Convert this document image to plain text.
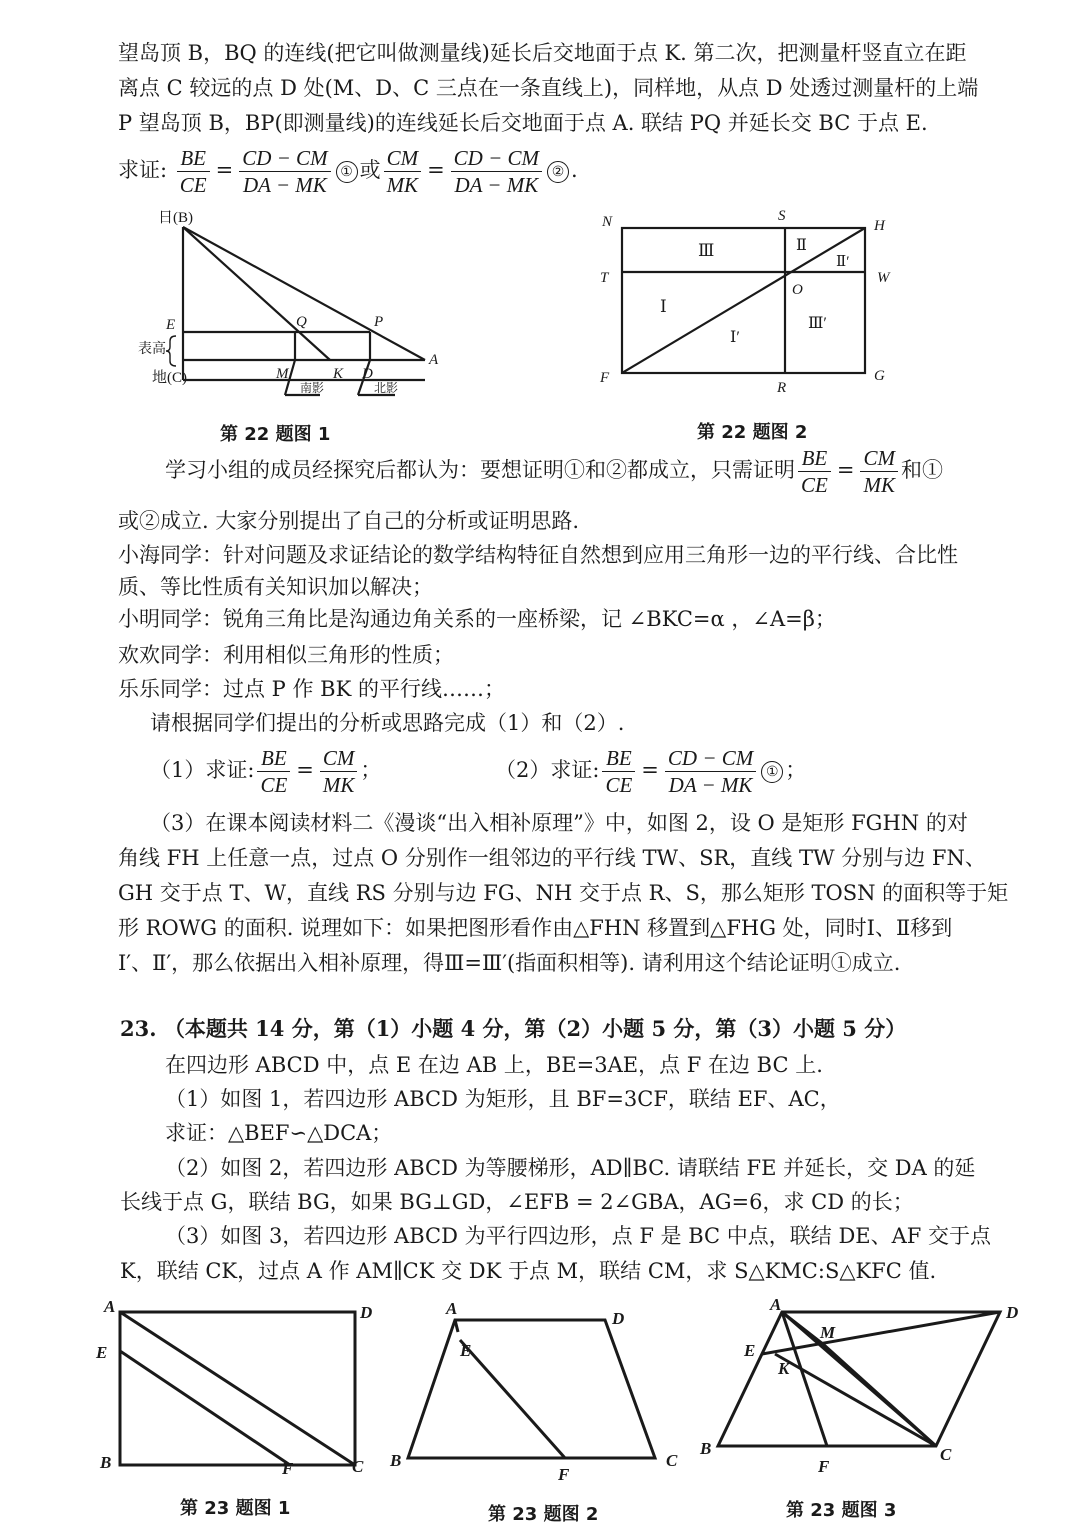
望岛顶 B，BQ 的连线(把它叫做测量线)延长后交地面于点 K. 第二次，把测量杆竖直立在距
离点 C 较远的点 D 处(M、D、C 三点在一条直线上)，同样地，从点 D 处透过测量杆的上端
P 望岛顶 B，BP(即测量线)的连线延长后交地面于点 A. 联结 PQ 并延长交 BC 于点 E.
求证: $\frac{BE}{CE} = \frac{CD - CM}{DA - MK}$ ① 或 $\frac{CM}{MK} = \frac{CD - CM}{DA - MK}$ ② .
日(B)
E	Q	P
表高
地(C)	M	K D
A
南影	北影
第 22 题图 1
N	S
H
T	W
O
F
R
G
Ⅲ	Ⅱ
Ⅱ′
Ⅰ
Ⅰ′
Ⅲ′
第 22 题图 2
学习小组的成员经探究后都认为：要想证明①和②都成立，只需证明 $\frac{BE}{CE} = \frac{CM}{MK}$ 和①
或②成立. 大家分别提出了自己的分析或证明思路.
小海同学：针对问题及求证结论的数学结构特征自然想到应用三角形一边的平行线、合比性
质、等比性质有关知识加以解决；
小明同学：锐角三角比是沟通边角关系的一座桥梁，记 ∠BKC=α ，∠A=β；
欢欢同学：利用相似三角形的性质；
乐乐同学：过点 P 作 BK 的平行线……；
请根据同学们提出的分析或思路完成（1）和（2）.
（1）求证: $\frac{BE}{CE} = \frac{CM}{MK}$ ；	（2）求证: $\frac{BE}{CE} = \frac{CD - CM}{DA - MK}$ ① ；
（3）在课本阅读材料二《漫谈“出入相补原理”》中，如图 2，设 O 是矩形 FGHN 的对
角线 FH 上任意一点，过点 O 分别作一组邻边的平行线 TW、SR，直线 TW 分别与边 FN、
GH 交于点 T、W，直线 RS 分别与边 FG、NH 交于点 R、S，那么矩形 TOSN 的面积等于矩
形 ROWG 的面积. 说理如下：如果把图形看作由△FHN 移置到△FHG 处，同时Ⅰ、Ⅱ移到
Ⅰ′、Ⅱ′，那么依据出入相补原理，得Ⅲ=Ⅲ′(指面积相等). 请利用这个结论证明①成立.
23. （本题共 14 分，第（1）小题 4 分，第（2）小题 5 分，第（3）小题 5 分）
在四边形 ABCD 中，点 E 在边 AB 上，BE=3AE，点 F 在边 BC 上.
（1）如图 1，若四边形 ABCD 为矩形，且 BF=3CF，联结 EF、AC，
求证：△BEF∽△DCA；
（2）如图 2，若四边形 ABCD 为等腰梯形，AD∥BC. 请联结 FE 并延长，交 DA 的延
长线于点 G，联结 BG，如果 BG⊥GD，∠EFB = 2∠GBA，AG=6，求 CD 的长；
（3）如图 3，若四边形 ABCD 为平行四边形，点 F 是 BC 中点，联结 DE、AF 交于点
K，联结 CK，过点 A 作 AM∥CK 交 DK 于点 M，联结 CM，求 S△KMC:S△KFC 值.
A	D
E
B	F	C
第 23 题图 1
A
D
E
B
F
C
第 23 题图 2
A	D
E
K
M
B
F
C
第 23 题图 3
